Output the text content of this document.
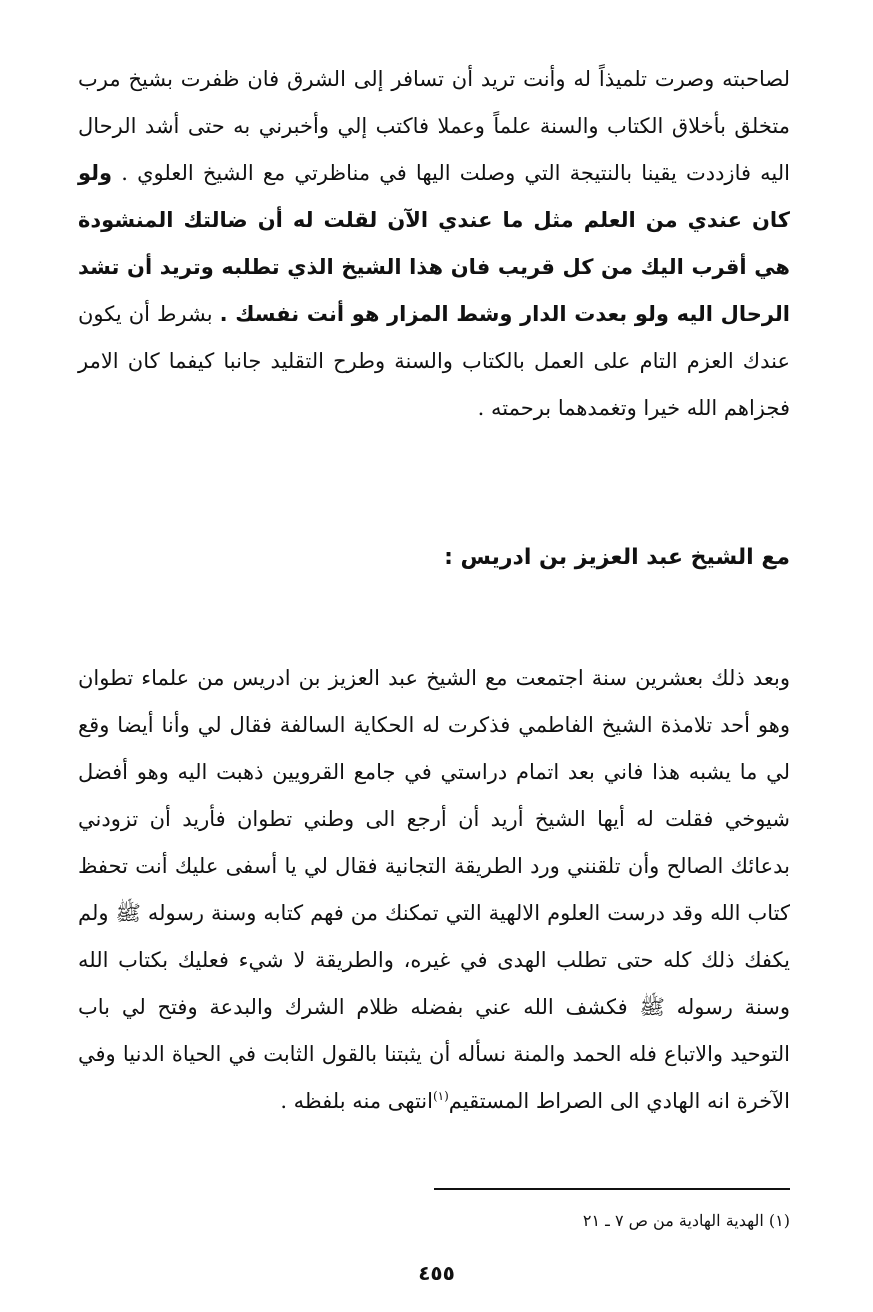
لصاحبته وصرت تلميذاً له وأنت تريد أن تسافر إلى الشرق فان ظفرت بشيخ مرب متخلق بأخلاق الكتاب والسنة علماً وعملا فاكتب إلي وأخبرني به حتى أشد الرحال اليه فازددت يقينا بالنتيجة التي وصلت اليها في مناظرتي مع الشيخ العلوي . ولو كان عندي من العلم مثل ما عندي الآن لقلت له أن ضالتك المنشودة هي أقرب اليك من كل قريب فان هذا الشيخ الذي تطلبه وتريد أن تشد الرحال اليه ولو بعدت الدار وشط المزار هو أنت نفسك . بشرط أن يكون عندك العزم التام على العمل بالكتاب والسنة وطرح التقليد جانبا كيفما كان الامر فجزاهم الله خيرا وتغمدهما برحمته .
مع الشيخ عبد العزيز بن ادريس :
وبعد ذلك بعشرين سنة اجتمعت مع الشيخ عبد العزيز بن ادريس من علماء تطوان وهو أحد تلامذة الشيخ الفاطمي فذكرت له الحكاية السالفة فقال لي وأنا أيضا وقع لي ما يشبه هذا فاني بعد اتمام دراستي في جامع القرويين ذهبت اليه وهو أفضل شيوخي فقلت له أيها الشيخ أريد أن أرجع الى وطني تطوان فأريد أن تزودني بدعائك الصالح وأن تلقنني ورد الطريقة التجانية فقال لي يا أسفى عليك أنت تحفظ كتاب الله وقد درست العلوم الالهية التي تمكنك من فهم كتابه وسنة رسوله ﷺ ولم يكفك ذلك كله حتى تطلب الهدى في غيره، والطريقة لا شيء فعليك بكتاب الله وسنة رسوله ﷺ فكشف الله عني بفضله ظلام الشرك والبدعة وفتح لي باب التوحيد والاتباع فله الحمد والمنة نسأله أن يثبتنا بالقول الثابت في الحياة الدنيا وفي الآخرة انه الهادي الى الصراط المستقيم$^{(١)}$انتهى منه بلفظه .
(١) الهدية الهادية من ص ٧ ـ ٢١
٤٥٥
